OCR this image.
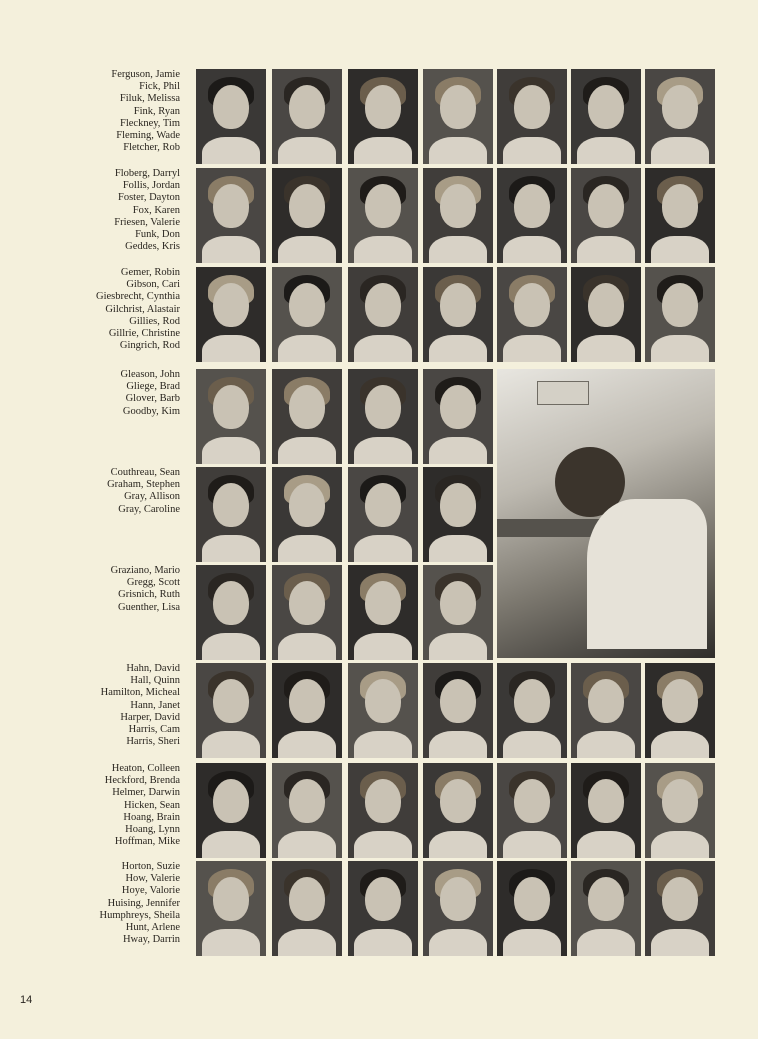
Ferguson, Jamie
Fick, Phil
Filuk, Melissa
Fink, Ryan
Fleckney, Tim
Fleming, Wade
Fletcher, Rob
Floberg, Darryl
Follis, Jordan
Foster, Dayton
Fox, Karen
Friesen, Valerie
Funk, Don
Geddes, Kris
Gemer, Robin
Gibson, Cari
Giesbrecht, Cynthia
Gilchrist, Alastair
Gillies, Rod
Gillrie, Christine
Gingrich, Rod
Gleason, John
Gliege, Brad
Glover, Barb
Goodby, Kim
Couthreau, Sean
Graham, Stephen
Gray, Allison
Gray, Caroline
Graziano, Mario
Gregg, Scott
Grisnich, Ruth
Guenther, Lisa
Hahn, David
Hall, Quinn
Hamilton, Micheal
Hann, Janet
Harper, David
Harris, Cam
Harris, Sheri
Heaton, Colleen
Heckford, Brenda
Helmer, Darwin
Hicken, Sean
Hoang, Brain
Hoang, Lynn
Hoffman, Mike
Horton, Suzie
How, Valerie
Hoye, Valorie
Huising, Jennifer
Humphreys, Sheila
Hunt, Arlene
Hway, Darrin
14
